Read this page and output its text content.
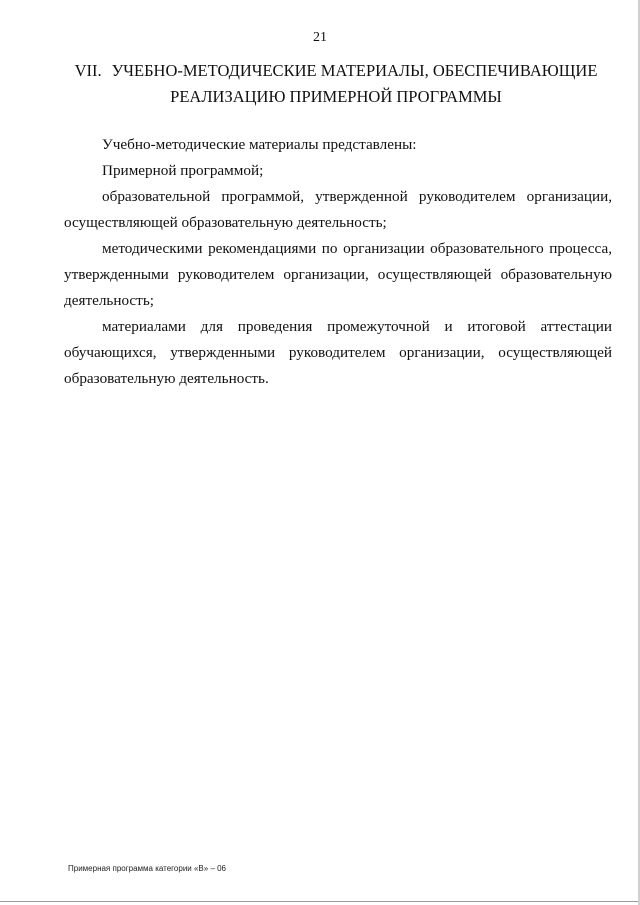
21
VII. УЧЕБНО-МЕТОДИЧЕСКИЕ МАТЕРИАЛЫ, ОБЕСПЕЧИВАЮЩИЕ
РЕАЛИЗАЦИЮ ПРИМЕРНОЙ ПРОГРАММЫ

Учебно-методические материалы представлены:

Примерной программой;

образовательной программой, утвержденной руководителем организации, осуществляющей образовательную деятельность;

методическими рекомендациями по организации образовательного процесса, утвержденными руководителем организации, осуществляющей образовательную деятельность;

материалами для проведения промежуточной и итоговой аттестации обучающихся, утвержденными руководителем организации, осуществляющей образовательную деятельность.

Примерная программа категории «В» – 06
